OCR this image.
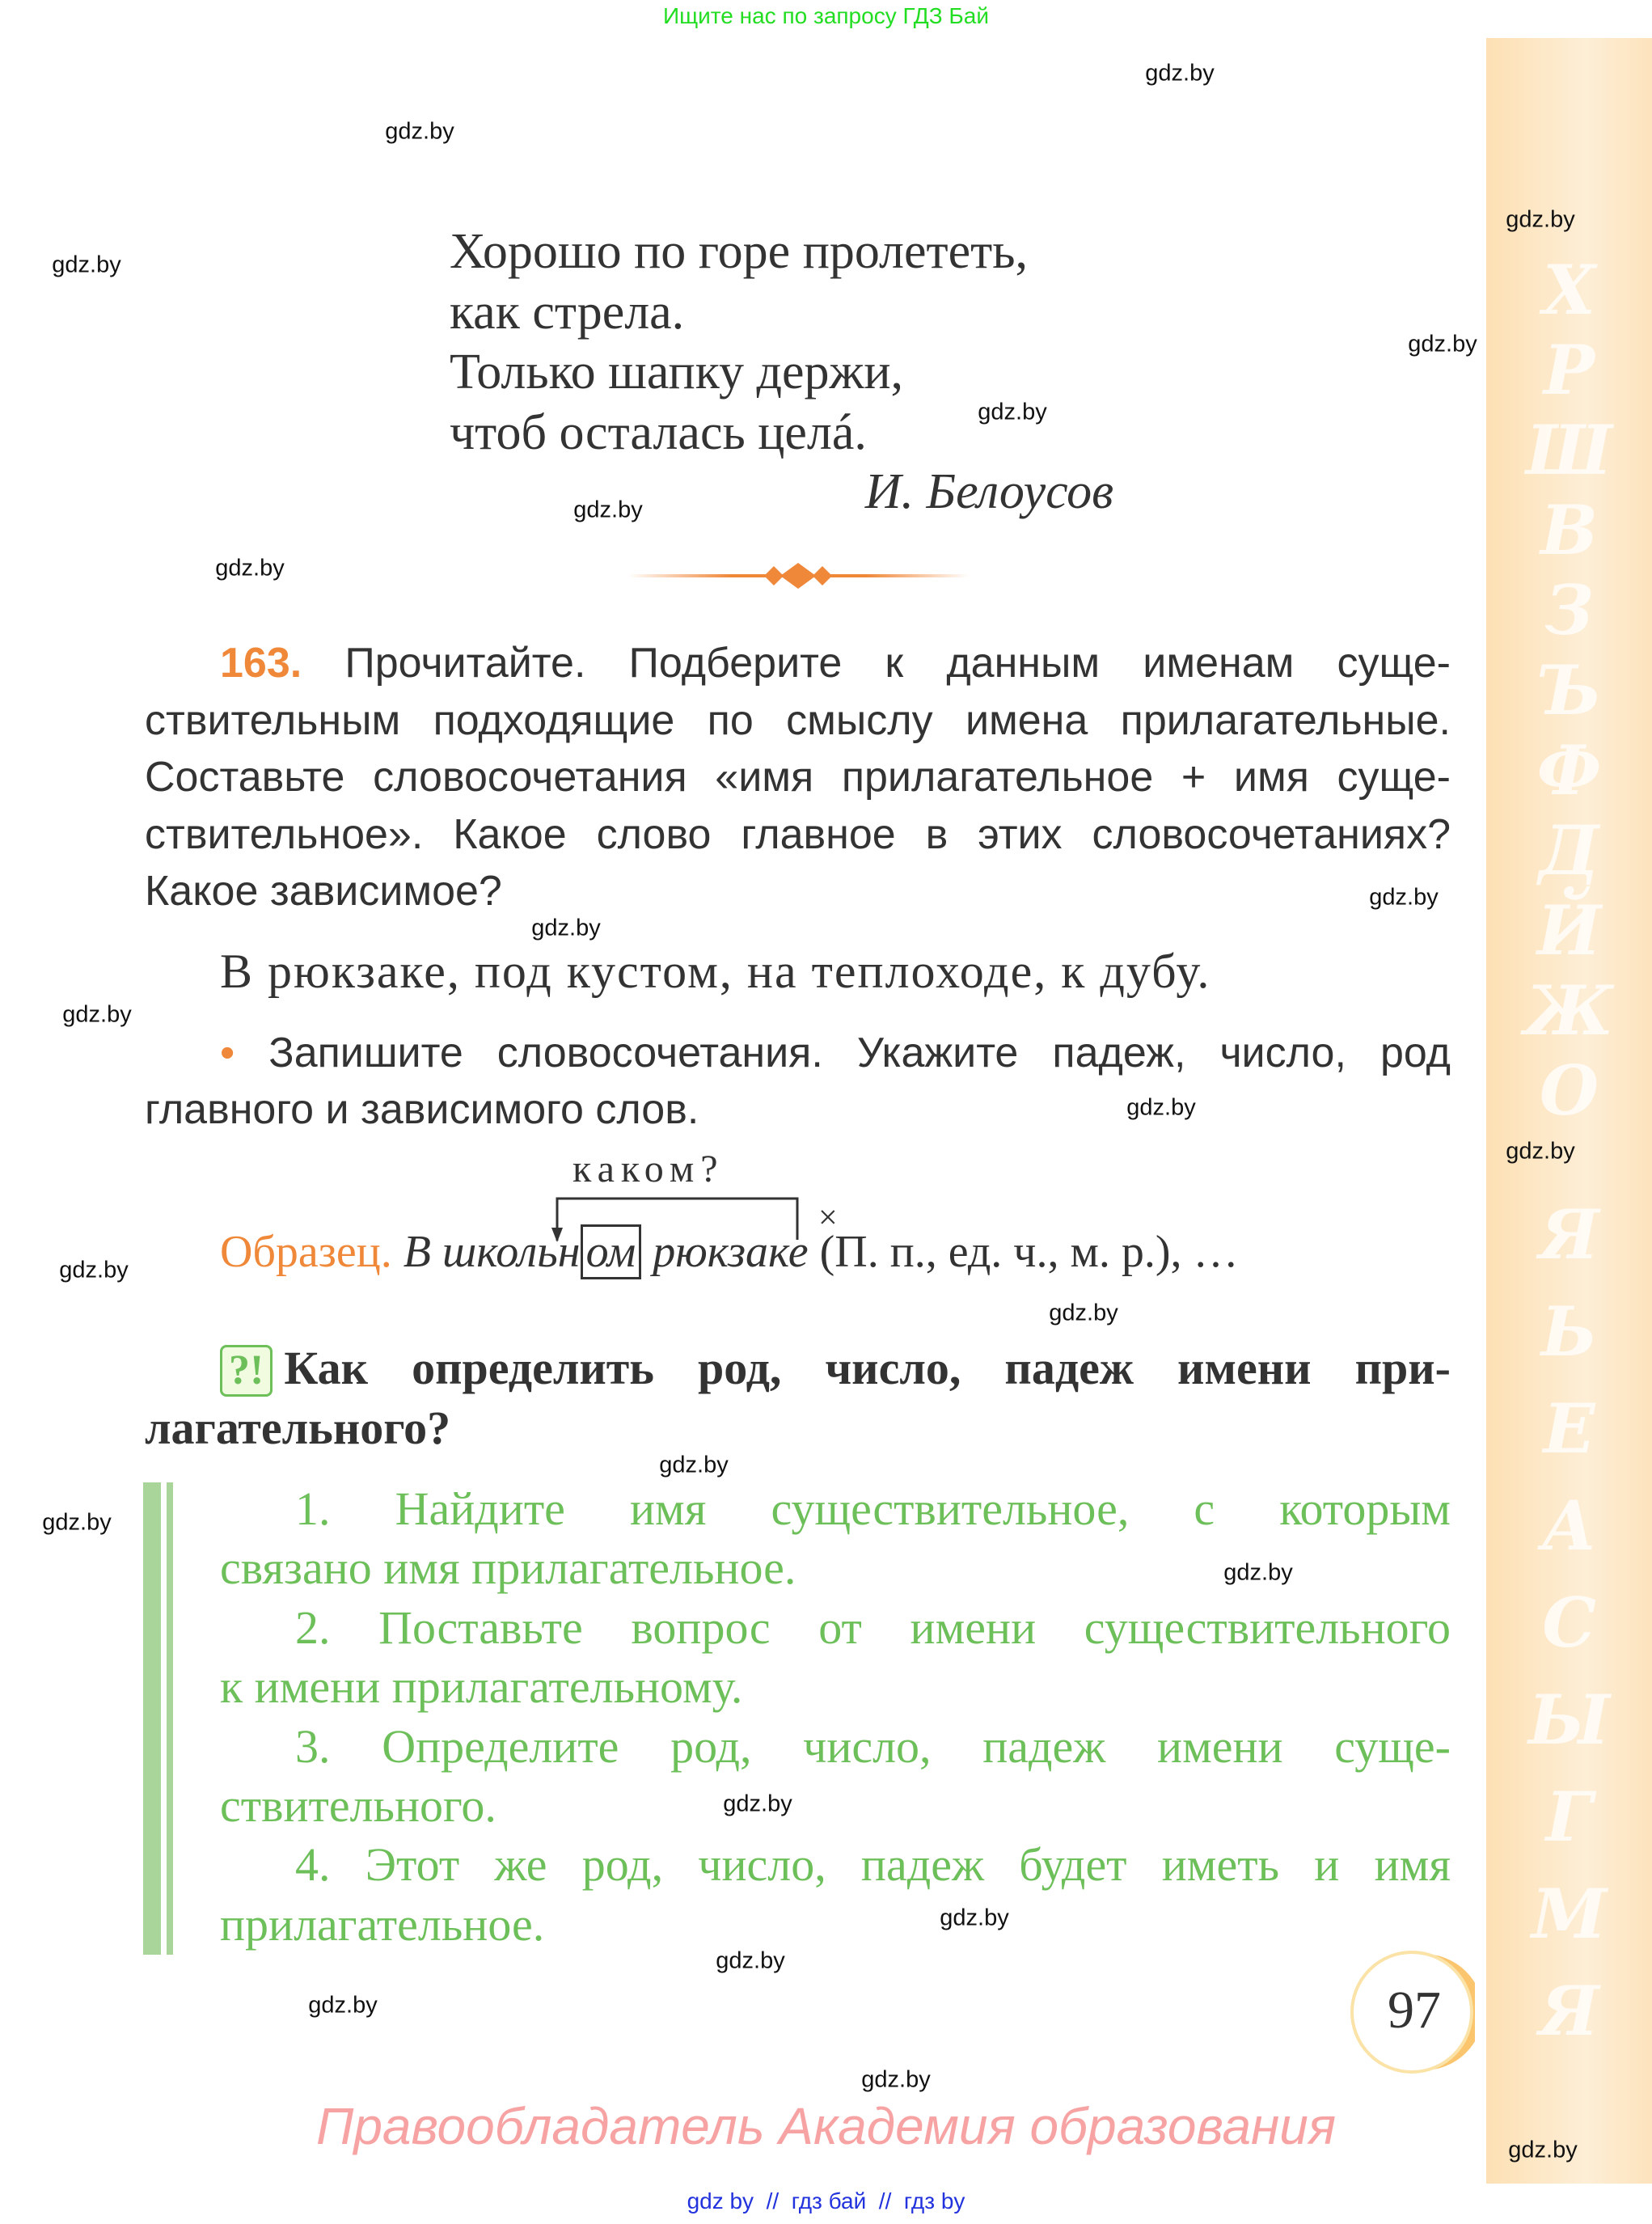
Ищите нас по запросу ГДЗ Бай
Х
Р
Ш
В
З
Ъ
Ф
Д
Й
Ж
О
Я
Ь
Е
А
С
Ы
Г
М
Я
Хорошо по горе пролететь,
как стрела.
Только шапку держи,
чтоб осталась целá.
И. Белоусов
163. Прочитайте. Подберите к данным именам суще-
ствительным подходящие по смыслу имена прилагательные.
Составьте словосочетания «имя прилагательное + имя суще-
ствительное». Какое слово главное в этих словосочетаниях?
Какое зависимое?
В рюкзаке, под кустом, на теплоходе, к дубу.
• Запишите словосочетания. Укажите падеж, число, род
главного и зависимого слов.
каком?
×
Образец. В школьн ом рюкзаке (П. п., ед. ч., м. р.), …
?! Как определить род, число, падеж имени при-
лагательного?
1. Найдите имя существительное, с которым
связано имя прилагательное.
2. Поставьте вопрос от имени существительного
к имени прилагательному.
3. Определите род, число, падеж имени суще-
ствительного.
4. Этот же род, число, падеж будет иметь и имя
прилагательное.
97
Правообладатель Академия образования
gdz by  //  гдз бай  //  гдз by
gdz.by
gdz.by
gdz.by
gdz.by
gdz.by
gdz.by
gdz.by
gdz.by
gdz.by
gdz.by
gdz.by
gdz.by
gdz.by
gdz.by
gdz.by
gdz.by
gdz.by
gdz.by
gdz.by
gdz.by
gdz.by
gdz.by
gdz.by
gdz.by
